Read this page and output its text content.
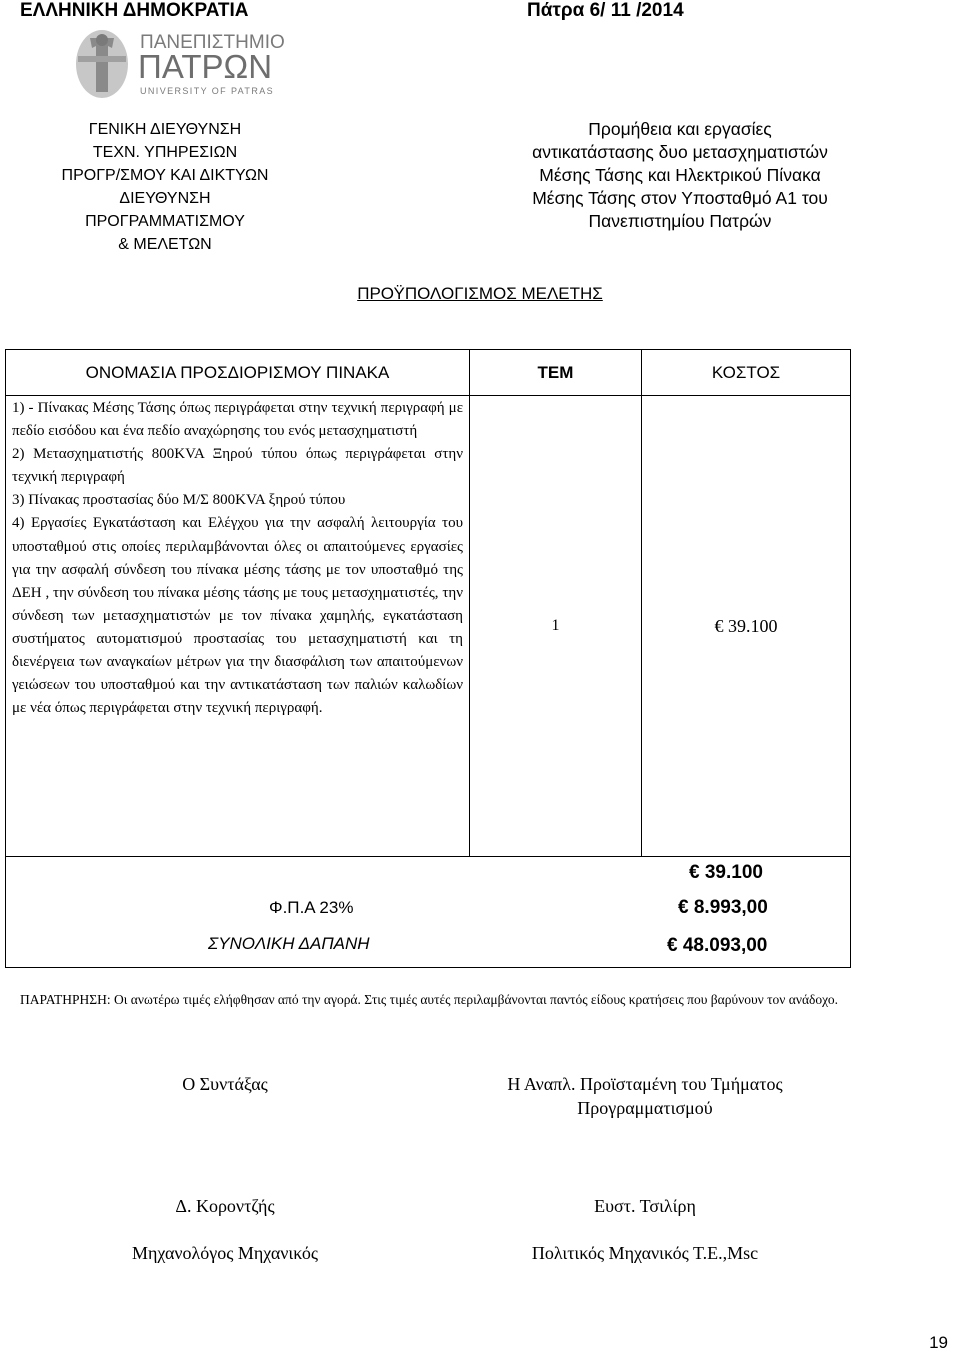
ΕΛΛΗΝΙΚΗ ΔΗΜΟΚΡΑΤΙΑ	Πάτρα 6/ 11 /2014
ΠΑΝΕΠΙΣΤΗΜΙΟ
ΠΑΤΡΩΝ
UNIVERSITY OF PATRAS
ΓΕΝΙΚΗ ΔΙΕΥΘΥΝΣΗ
ΤΕΧΝ. ΥΠΗΡΕΣΙΩΝ
ΠΡΟΓΡ/ΣΜΟΥ ΚΑΙ ΔΙΚΤΥΩΝ
ΔΙΕΥΘΥΝΣΗ
ΠΡΟΓΡΑΜΜΑΤΙΣΜΟΥ
& ΜΕΛΕΤΩΝ
Προμήθεια και εργασίες
αντικατάστασης δυο μετασχηματιστών
Μέσης Τάσης και Ηλεκτρικού Πίνακα
Μέσης Τάσης στον Υποσταθμό Α1 του
Πανεπιστημίου Πατρών
ΠΡΟΫΠΟΛΟΓΙΣΜΟΣ ΜΕΛΕΤΗΣ
ΟΝΟΜΑΣΙΑ ΠΡΟΣΔΙΟΡΙΣΜΟΥ ΠΙΝΑΚΑ	ΤΕΜ	ΚΟΣΤΟΣ

1) - Πίνακας Μέσης Τάσης όπως περιγράφεται στην τεχνική περιγραφή με πεδίο εισόδου και ένα πεδίο αναχώρησης του ενός μετασχηματιστή

2) Μετασχηματιστής 800KVA Ξηρού τύπου όπως περιγράφεται στην τεχνική περιγραφή

3) Πίνακας προστασίας δύο Μ/Σ 800KVA ξηρού τύπου

4) Εργασίες Εγκατάσταση και Ελέγχου για την ασφαλή λειτουργία του υποσταθμού στις οποίες περιλαμβάνονται όλες οι απαιτούμενες εργασίες για την ασφαλή σύνδεση του πίνακα μέσης τάσης με τον υποσταθμό της ΔΕΗ , την σύνδεση του πίνακα μέσης τάσης με τους μετασχηματιστές, την σύνδεση των μετασχηματιστών με τον πίνακα χαμηλής, εγκατάσταση συστήματος αυτοματισμού προστασίας του μετασχηματιστή και τη διενέργεια των αναγκαίων μέτρων για την διασφάλιση των απαιτούμενων γειώσεων του υποσταθμού και την αντικατάσταση των παλιών καλωδίων με νέα όπως περιγράφεται στην τεχνική περιγραφή.	1	€ 39.100

€ 39.100
Φ.Π.Α 23% € 8.993,00
ΣΥΝΟΛΙΚΗ ΔΑΠΑΝΗ € 48.093,00		
ΠΑΡΑΤΗΡΗΣΗ: Οι ανωτέρω τιμές ελήφθησαν από την αγορά. Στις τιμές αυτές περιλαμβάνονται παντός είδους κρατήσεις που βαρύνουν τον ανάδοχο.
Ο Συντάξας	Η Αναπλ. Προϊσταμένη του Τμήματος
Προγραμματισμού
Δ. Κοροντζής	Ευστ. Τσιλίρη
Μηχανολόγος Μηχανικός	Πολιτικός Μηχανικός Τ.Ε.,Msc
19
